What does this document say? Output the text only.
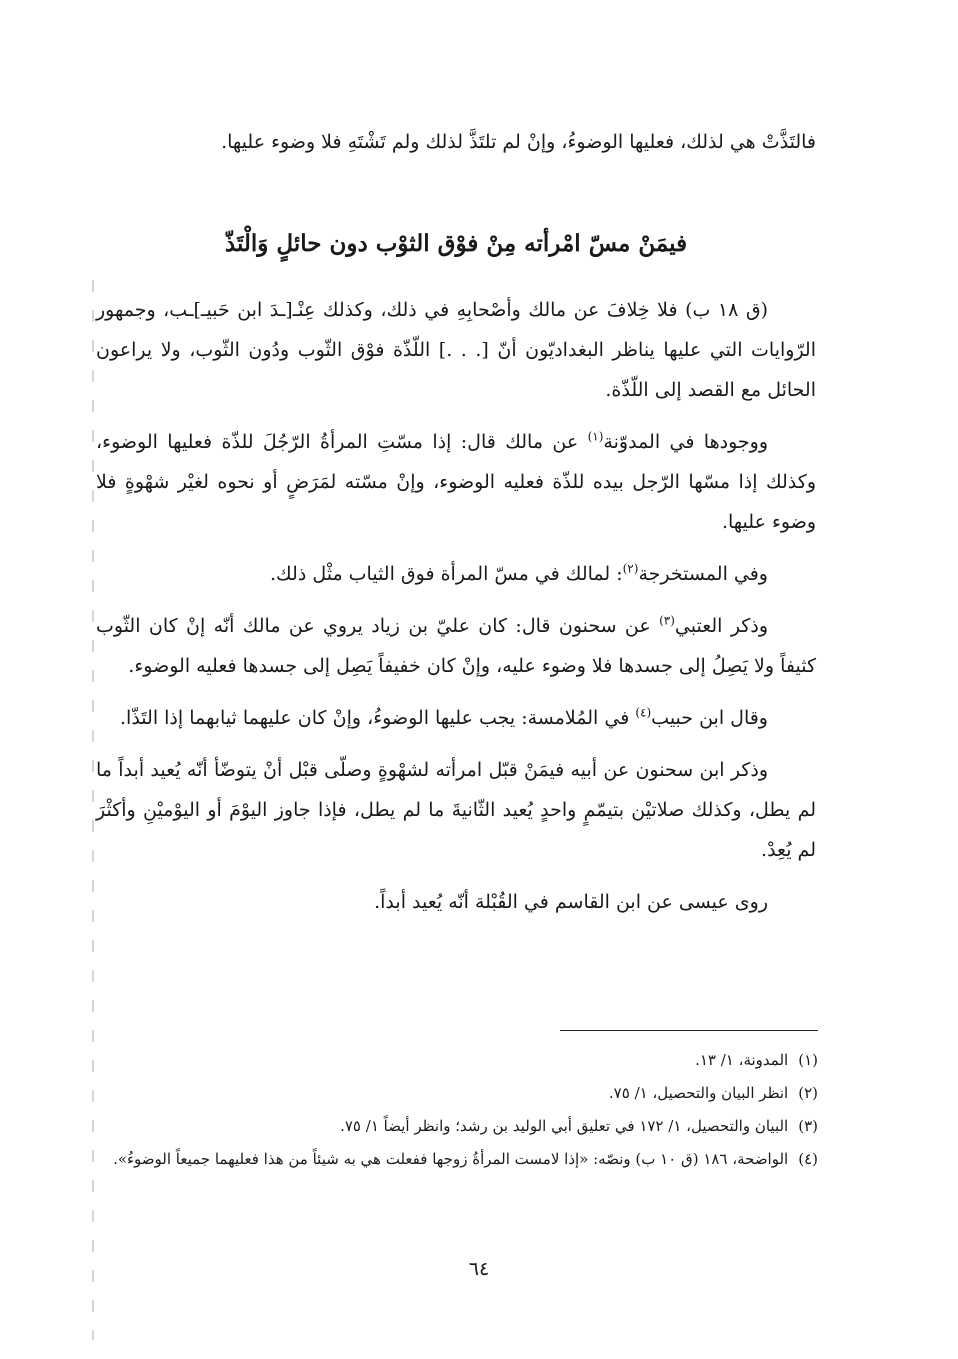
فالتَذَّتْ هي لذلك، فعليها الوضوءُ، وإنْ لم تلتَذَّ لذلك ولم تَشْتَهِ فلا وضوء عليها.

فيمَنْ مسّ امْرأته مِنْ فوْق الثوْب دون حائلٍ وَالْتَذّ

(ق ١٨ ب) فلا خِلافَ عن مالك وأصْحابِهِ في ذلك، وكذلك عِنْـ[ـدَ ابن حَبيـ]ـب، وجمهور الرّوايات التي عليها يناظر البغداديّون أنّ [. . .] اللّذّة فوْق الثّوب ودُون الثّوب، ولا يراعون الحائل مع القصد إلى اللّذّة.

ووجودها في المدوّنة$^{(١)}$ عن مالك قال: إذا مسّتِ المرأةُ الرّجُلَ للذّة فعليها الوضوء، وكذلك إذا مسّها الرّجل بيده للذّة فعليه الوضوء، وإنْ مسّته لمَرَضٍ أو نحوه لغيْر شهْوةٍ فلا وضوء عليها.

وفي المستخرجة$^{(٢)}$: لمالك في مسّ المرأة فوق الثياب مثْل ذلك.

وذكر العتبي$^{(٣)}$ عن سحنون قال: كان عليّ بن زياد يروي عن مالك أنّه إنْ كان الثّوب كثيفاً ولا يَصِلُ إلى جسدها فلا وضوء عليه، وإنْ كان خفيفاً يَصِل إلى جسدها فعليه الوضوء.

وقال ابن حبيب$^{(٤)}$ في المُلامسة: يجب عليها الوضوءُ، وإنْ كان عليهما ثيابهما إذا التَذّا.

وذكر ابن سحنون عن أبيه فيمَنْ قبّل امرأته لشهْوةٍ وصلّى قبْل أنْ يتوضّأ أنّه يُعيد أبداً ما لم يطل، وكذلك صلاتيْن بتيمّمٍ واحدٍ يُعيد الثّانيةَ ما لم يطل، فإذا جاوز اليوْمَ أو اليوْميْنِ وأكثْرَ لم يُعِدْ.

روى عيسى عن ابن القاسم في القُبْلة أنّه يُعيد أبداً.

(١)المدونة، ١/ ١٣.

(٢)انظر البيان والتحصيل، ١/ ٧٥.

(٣)البيان والتحصيل، ١/ ١٧٢ في تعليق أبي الوليد بن رشد؛ وانظر أيضاً ١/ ٧٥.

(٤)الواضحة، ١٨٦ (ق ١٠ ب) ونصّه: «إذا لامست المرأةُ زوجها ففعلت هي به شيئاً من هذا فعليهما جميعاً الوضوءُ».

٦٤
